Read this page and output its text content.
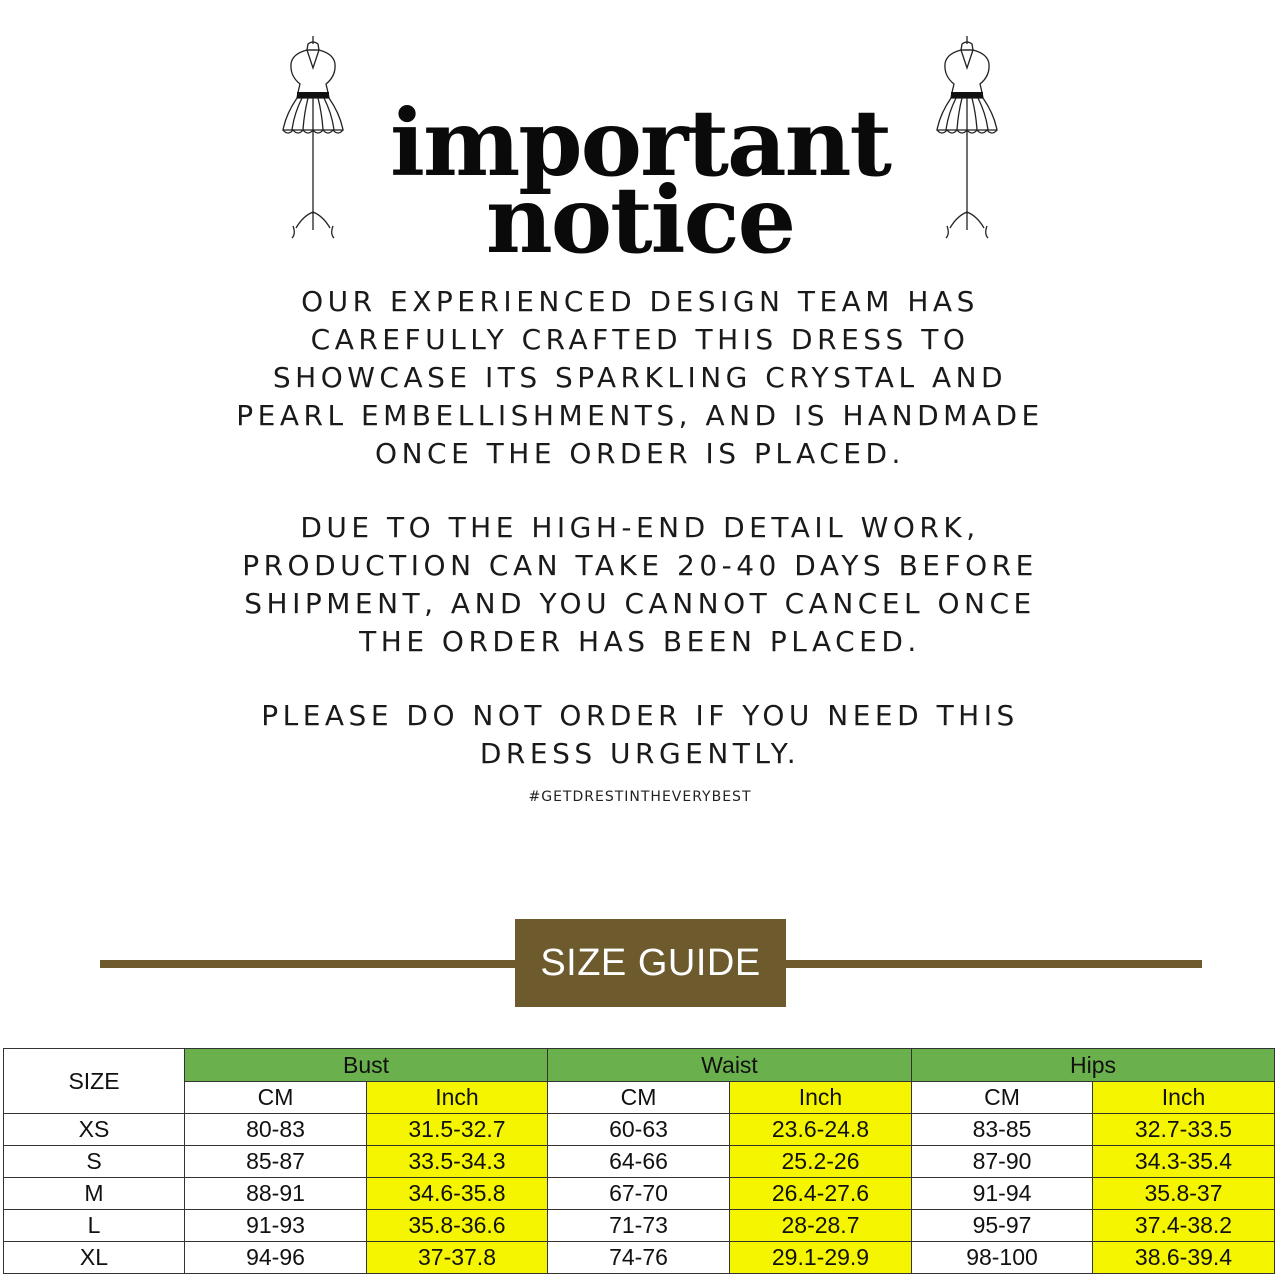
important
notice
OUR EXPERIENCED DESIGN TEAM HAS
CAREFULLY CRAFTED THIS DRESS TO
SHOWCASE ITS SPARKLING CRYSTAL AND
PEARL EMBELLISHMENTS, AND IS HANDMADE
ONCE THE ORDER IS PLACED.
DUE TO THE HIGH-END DETAIL WORK,
PRODUCTION CAN TAKE 20-40 DAYS BEFORE
SHIPMENT, AND YOU CANNOT CANCEL ONCE
THE ORDER HAS BEEN PLACED.
PLEASE DO NOT ORDER IF YOU NEED THIS
DRESS URGENTLY.
#GETDRESTINTHEVERYBEST
SIZE GUIDE
SIZE	Bust		Waist		Hips	
	CM	Inch	CM	Inch	CM	Inch
XS	80-83	31.5-32.7	60-63	23.6-24.8	83-85	32.7-33.5
S	85-87	33.5-34.3	64-66	25.2-26	87-90	34.3-35.4
M	88-91	34.6-35.8	67-70	26.4-27.6	91-94	35.8-37
L	91-93	35.8-36.6	71-73	28-28.7	95-97	37.4-38.2
XL	94-96	37-37.8	74-76	29.1-29.9	98-100	38.6-39.4
